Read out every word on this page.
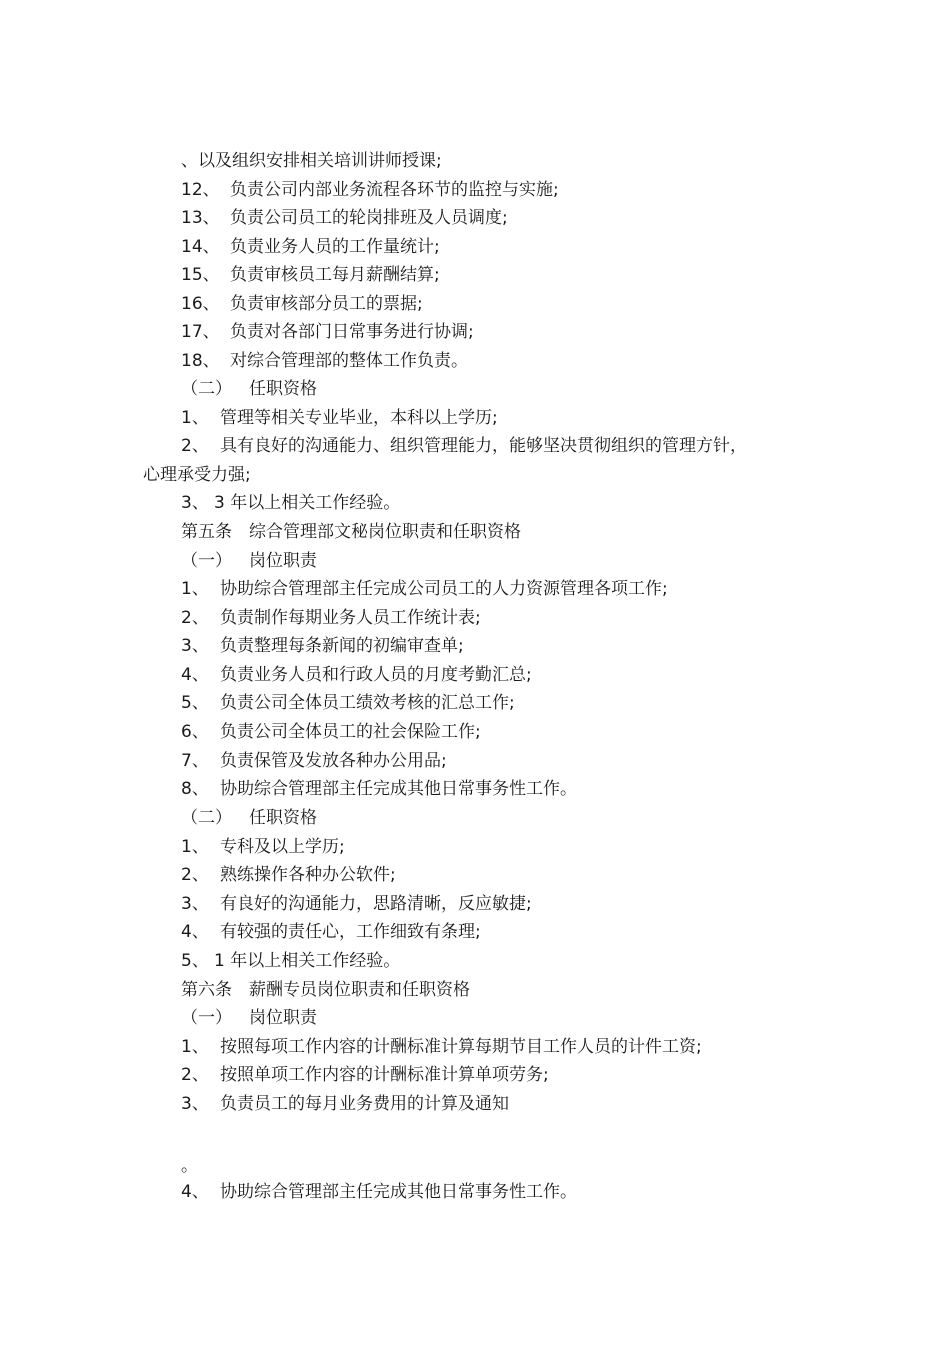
、以及组织安排相关培训讲师授课;
12、 负责公司内部业务流程各环节的监控与实施;
13、 负责公司员工的轮岗排班及人员调度;
14、 负责业务人员的工作量统计;
15、 负责审核员工每月薪酬结算;
16、 负责审核部分员工的票据;
17、 负责对各部门日常事务进行协调;
18、 对综合管理部的整体工作负责。
（二） 任职资格
1、 管理等相关专业毕业，本科以上学历;
2、 具有良好的沟通能力、组织管理能力，能够坚决贯彻组织的管理方针，
心理承受力强;
3、 3 年以上相关工作经验。
第五条 综合管理部文秘岗位职责和任职资格
（一） 岗位职责
1、 协助综合管理部主任完成公司员工的人力资源管理各项工作;
2、 负责制作每期业务人员工作统计表;
3、 负责整理每条新闻的初编审查单;
4、 负责业务人员和行政人员的月度考勤汇总;
5、 负责公司全体员工绩效考核的汇总工作;
6、 负责公司全体员工的社会保险工作;
7、 负责保管及发放各种办公用品;
8、 协助综合管理部主任完成其他日常事务性工作。
（二） 任职资格
1、 专科及以上学历;
2、 熟练操作各种办公软件;
3、 有良好的沟通能力，思路清晰，反应敏捷;
4、 有较强的责任心，工作细致有条理;
5、 1 年以上相关工作经验。
第六条 薪酬专员岗位职责和任职资格
（一） 岗位职责
1、 按照每项工作内容的计酬标准计算每期节目工作人员的计件工资;
2、 按照单项工作内容的计酬标准计算单项劳务;
3、 负责员工的每月业务费用的计算及通知
。
4、 协助综合管理部主任完成其他日常事务性工作。
